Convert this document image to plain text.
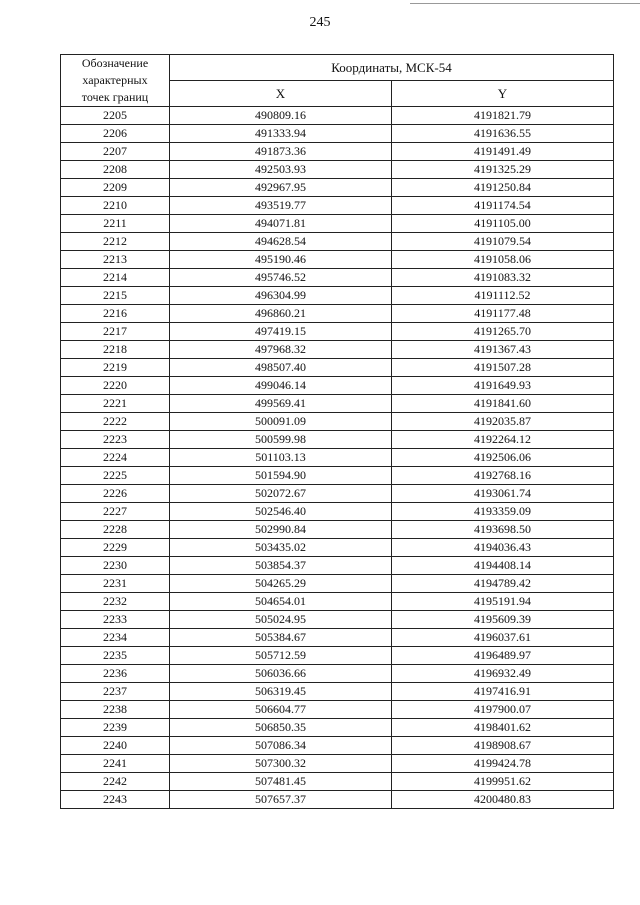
245
Обозначение
характерных
точек границ	Координаты, МСК-54	
	X	Y
2205	490809.16	4191821.79
2206	491333.94	4191636.55
2207	491873.36	4191491.49
2208	492503.93	4191325.29
2209	492967.95	4191250.84
2210	493519.77	4191174.54
2211	494071.81	4191105.00
2212	494628.54	4191079.54
2213	495190.46	4191058.06
2214	495746.52	4191083.32
2215	496304.99	4191112.52
2216	496860.21	4191177.48
2217	497419.15	4191265.70
2218	497968.32	4191367.43
2219	498507.40	4191507.28
2220	499046.14	4191649.93
2221	499569.41	4191841.60
2222	500091.09	4192035.87
2223	500599.98	4192264.12
2224	501103.13	4192506.06
2225	501594.90	4192768.16
2226	502072.67	4193061.74
2227	502546.40	4193359.09
2228	502990.84	4193698.50
2229	503435.02	4194036.43
2230	503854.37	4194408.14
2231	504265.29	4194789.42
2232	504654.01	4195191.94
2233	505024.95	4195609.39
2234	505384.67	4196037.61
2235	505712.59	4196489.97
2236	506036.66	4196932.49
2237	506319.45	4197416.91
2238	506604.77	4197900.07
2239	506850.35	4198401.62
2240	507086.34	4198908.67
2241	507300.32	4199424.78
2242	507481.45	4199951.62
2243	507657.37	4200480.83
